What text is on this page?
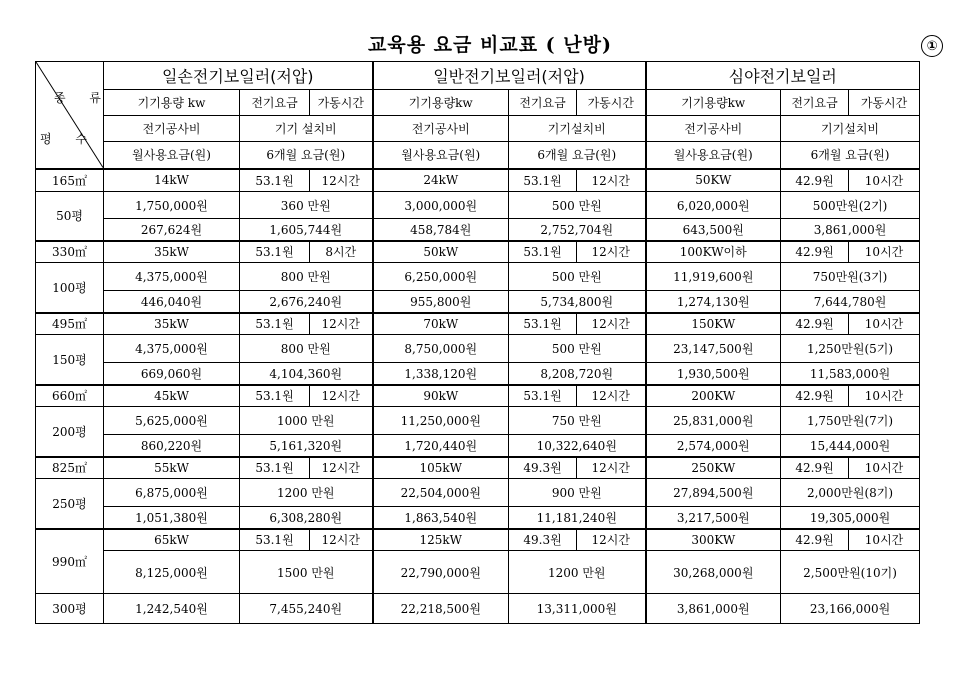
교육용 요금 비교표 ( 난방)	①
종 류
평 수	일손전기보일러(저압)			일반전기보일러(저압)			심야전기보일러		
	기기용량 kw	전기요금	가동시간	기기용량kw	전기요금	가동시간	기기용량kw	전기요금	가동시간
	전기공사비	기기 설치비		전기공사비	기기설치비		전기공사비	기기설치비	
	월사용요금(원)	6개월 요금(원)		월사용요금(원)	6개월 요금(원)		월사용요금(원)	6개월 요금(원)	
165㎡	14kW	53.1원	12시간	24kW	53.1원	12시간	50KW	42.9원	10시간
50평	1,750,000원	360 만원		3,000,000원	500 만원		6,020,000원	500만원(2기)	
	267,624원	1,605,744원		458,784원	2,752,704원		643,500원	3,861,000원	
330㎡	35kW	53.1원	8시간	50kW	53.1원	12시간	100KW이하	42.9원	10시간
100평	4,375,000원	800 만원		6,250,000원	500 만원		11,919,600원	750만원(3기)	
	446,040원	2,676,240원		955,800원	5,734,800원		1,274,130원	7,644,780원	
495㎡	35kW	53.1원	12시간	70kW	53.1원	12시간	150KW	42.9원	10시간
150평	4,375,000원	800 만원		8,750,000원	500 만원		23,147,500원	1,250만원(5기)	
	669,060원	4,104,360원		1,338,120원	8,208,720원		1,930,500원	11,583,000원	
660㎡	45kW	53.1원	12시간	90kW	53.1원	12시간	200KW	42.9원	10시간
200평	5,625,000원	1000 만원		11,250,000원	750 만원		25,831,000원	1,750만원(7기)	
	860,220원	5,161,320원		1,720,440원	10,322,640원		2,574,000원	15,444,000원	
825㎡	55kW	53.1원	12시간	105kW	49.3원	12시간	250KW	42.9원	10시간
250평	6,875,000원	1200 만원		22,504,000원	900 만원		27,894,500원	2,000만원(8기)	
	1,051,380원	6,308,280원		1,863,540원	11,181,240원		3,217,500원	19,305,000원	
990㎡	65kW	53.1원	12시간	125kW	49.3원	12시간	300KW	42.9원	10시간
	8,125,000원	1500 만원		22,790,000원	1200 만원		30,268,000원	2,500만원(10기)	
300평	1,242,540원	7,455,240원		22,218,500원	13,311,000원		3,861,000원	23,166,000원	
